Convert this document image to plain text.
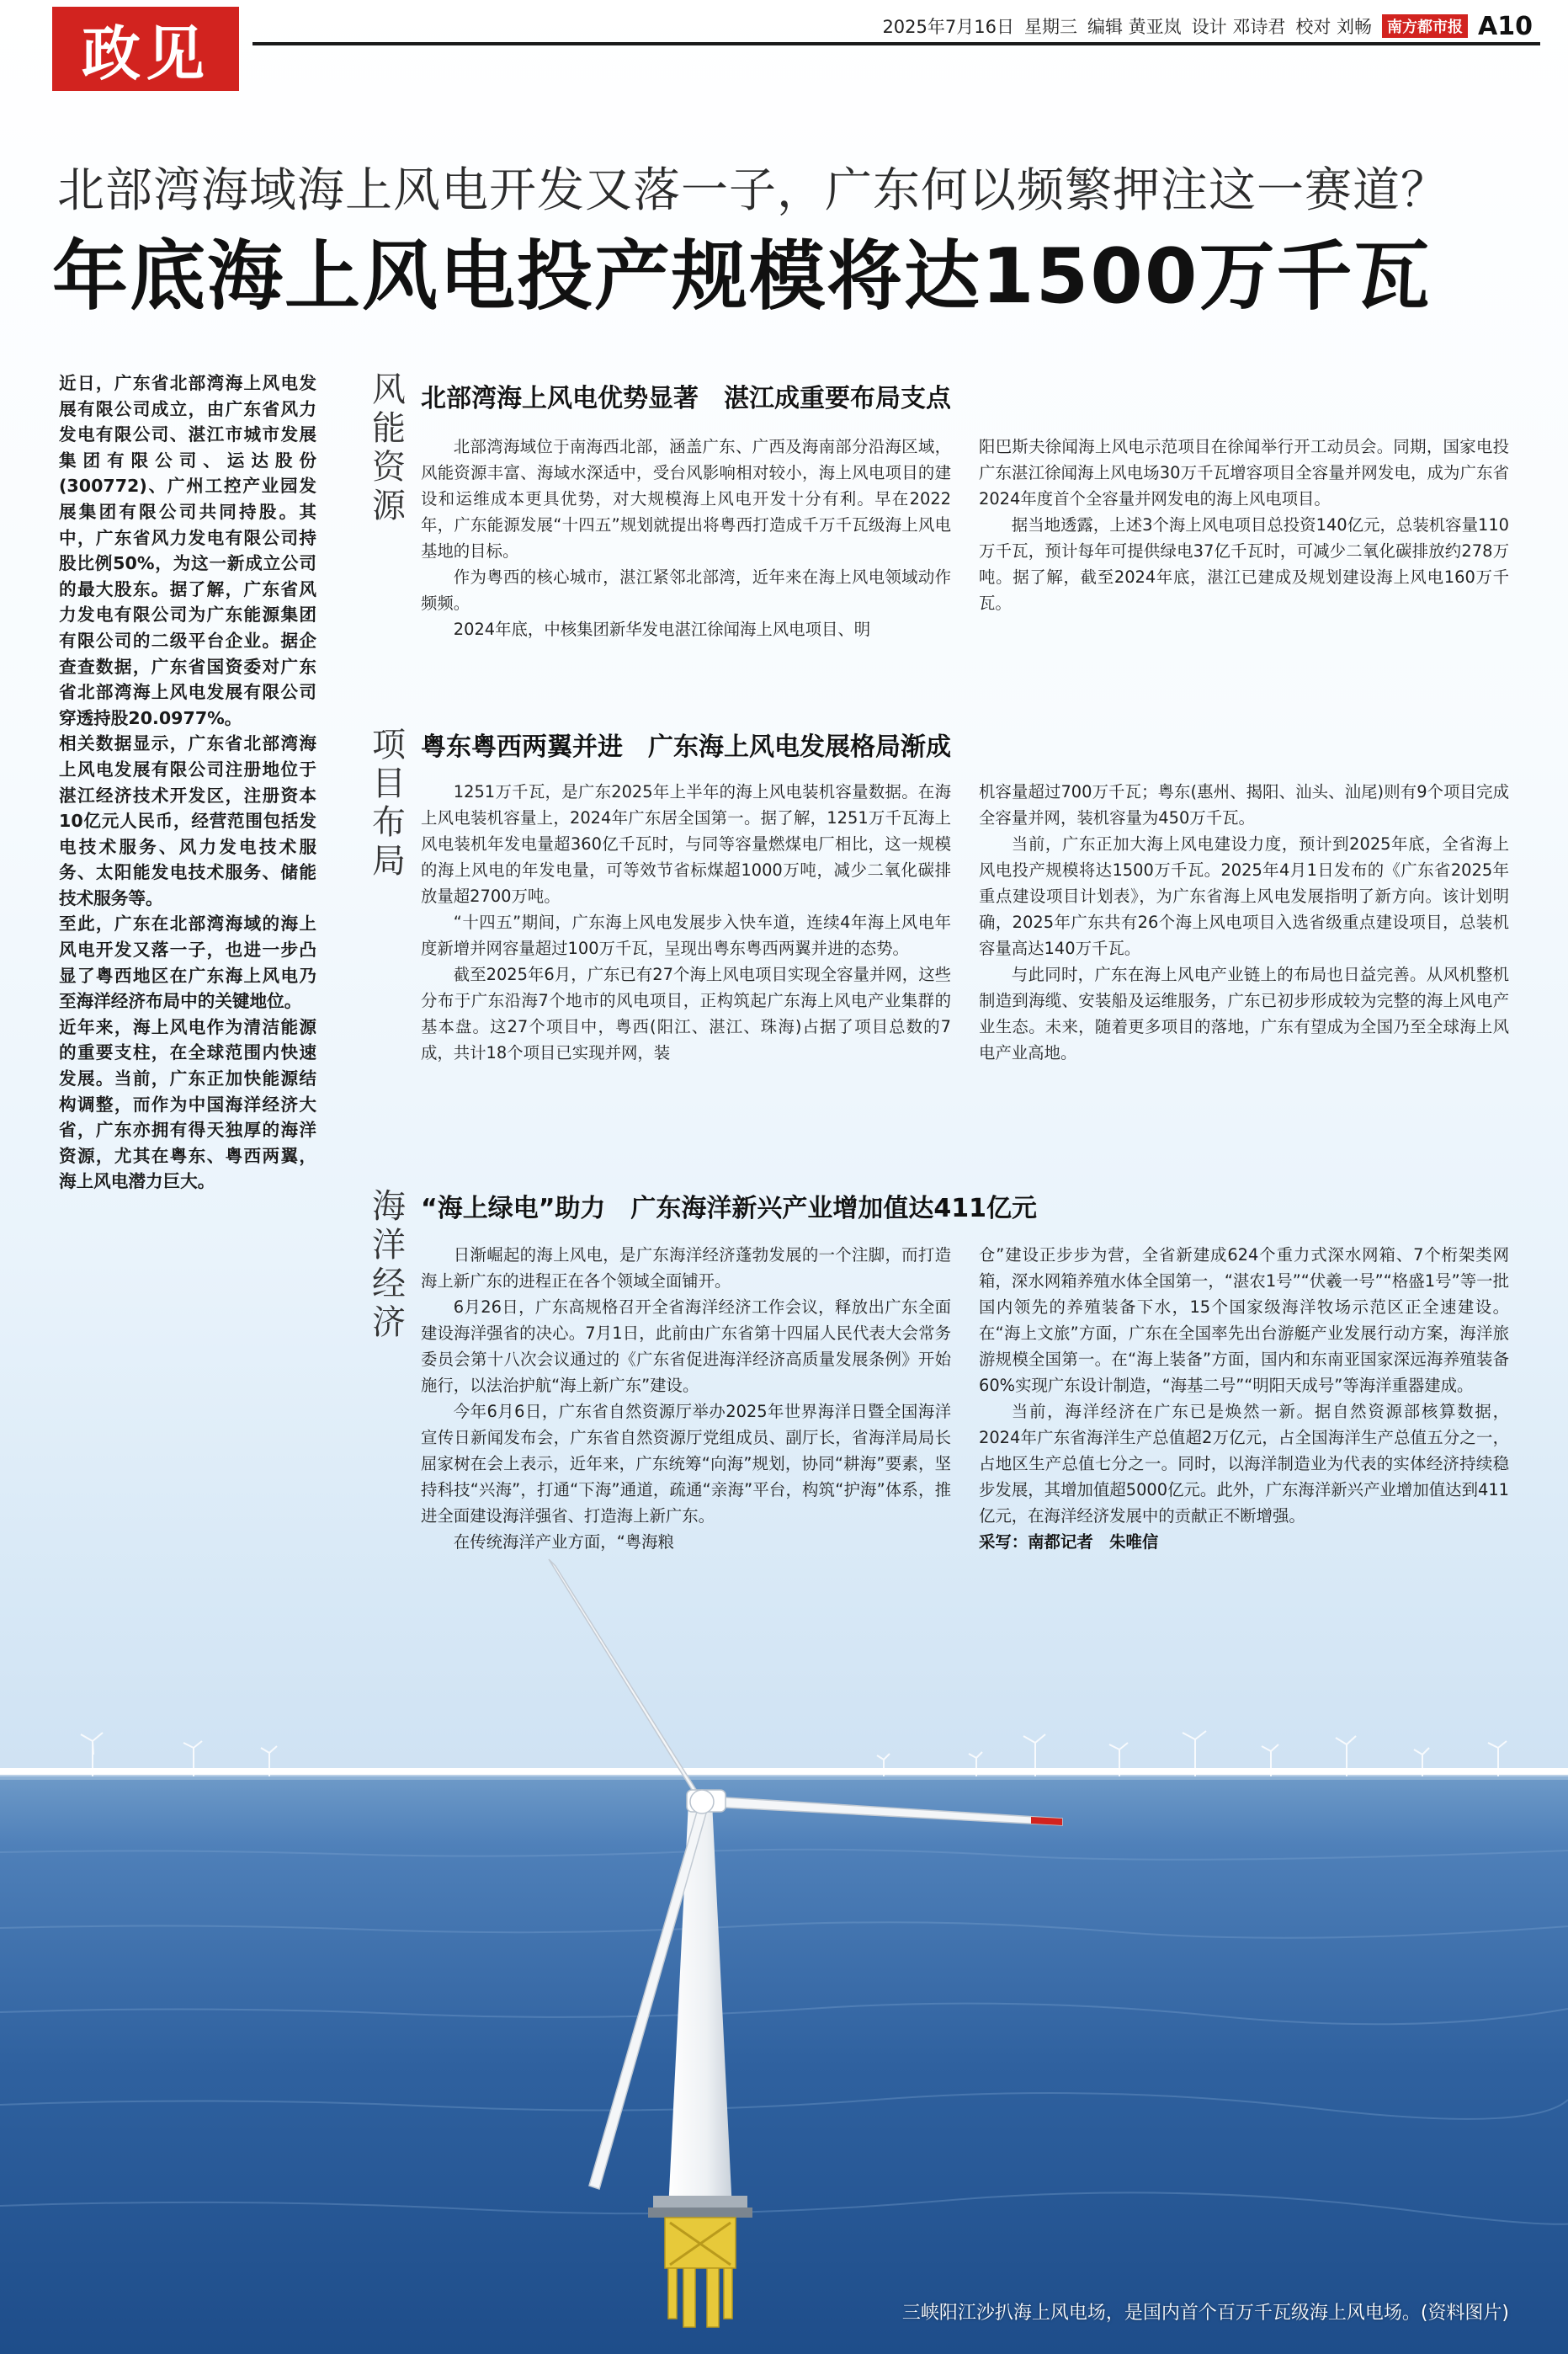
政见	2025年7月16日 星期三 编辑 黄亚岚 设计 邓诗君 校对 刘畅	南方都市报 A10
北部湾海域海上风电开发又落一子，广东何以频繁押注这一赛道？
年底海上风电投产规模将达1500万千瓦

近日，广东省北部湾海上风电发展有限公司成立，由广东省风力发电有限公司、湛江市城市发展集团有限公司、运达股份(300772)、广州工控产业园发展集团有限公司共同持股。其中，广东省风力发电有限公司持股比例50%，为这一新成立公司的最大股东。据了解，广东省风力发电有限公司为广东能源集团有限公司的二级平台企业。据企查查数据，广东省国资委对广东省北部湾海上风电发展有限公司穿透持股20.0977%。

相关数据显示，广东省北部湾海上风电发展有限公司注册地位于湛江经济技术开发区，注册资本10亿元人民币，经营范围包括发电技术服务、风力发电技术服务、太阳能发电技术服务、储能技术服务等。

至此，广东在北部湾海域的海上风电开发又落一子，也进一步凸显了粤西地区在广东海上风电乃至海洋经济布局中的关键地位。

近年来，海上风电作为清洁能源的重要支柱，在全球范围内快速发展。当前，广东正加快能源结构调整，而作为中国海洋经济大省，广东亦拥有得天独厚的海洋资源，尤其在粤东、粤西两翼，海上风电潜力巨大。

风
能
资
源
北部湾海上风电优势显著　湛江成重要布局支点

北部湾海域位于南海西北部，涵盖广东、广西及海南部分沿海区域，风能资源丰富、海域水深适中，受台风影响相对较小，海上风电项目的建设和运维成本更具优势，对大规模海上风电开发十分有利。早在2022年，广东能源发展“十四五”规划就提出将粤西打造成千万千瓦级海上风电基地的目标。

作为粤西的核心城市，湛江紧邻北部湾，近年来在海上风电领域动作频频。

2024年底，中核集团新华发电湛江徐闻海上风电项目、明

阳巴斯夫徐闻海上风电示范项目在徐闻举行开工动员会。同期，国家电投广东湛江徐闻海上风电场30万千瓦增容项目全容量并网发电，成为广东省2024年度首个全容量并网发电的海上风电项目。

据当地透露，上述3个海上风电项目总投资140亿元，总装机容量110万千瓦，预计每年可提供绿电37亿千瓦时，可减少二氧化碳排放约278万吨。据了解，截至2024年底，湛江已建成及规划建设海上风电160万千瓦。

项
目
布
局
粤东粤西两翼并进　广东海上风电发展格局渐成

1251万千瓦，是广东2025年上半年的海上风电装机容量数据。在海上风电装机容量上，2024年广东居全国第一。据了解，1251万千瓦海上风电装机年发电量超360亿千瓦时，与同等容量燃煤电厂相比，这一规模的海上风电的年发电量，可等效节省标煤超1000万吨，减少二氧化碳排放量超2700万吨。

“十四五”期间，广东海上风电发展步入快车道，连续4年海上风电年度新增并网容量超过100万千瓦，呈现出粤东粤西两翼并进的态势。

截至2025年6月，广东已有27个海上风电项目实现全容量并网，这些分布于广东沿海7个地市的风电项目，正构筑起广东海上风电产业集群的基本盘。这27个项目中，粤西(阳江、湛江、珠海)占据了项目总数的7成，共计18个项目已实现并网，装

机容量超过700万千瓦；粤东(惠州、揭阳、汕头、汕尾)则有9个项目完成全容量并网，装机容量为450万千瓦。

当前，广东正加大海上风电建设力度，预计到2025年底，全省海上风电投产规模将达1500万千瓦。2025年4月1日发布的《广东省2025年重点建设项目计划表》，为广东省海上风电发展指明了新方向。该计划明确，2025年广东共有26个海上风电项目入选省级重点建设项目，总装机容量高达140万千瓦。

与此同时，广东在海上风电产业链上的布局也日益完善。从风机整机制造到海缆、安装船及运维服务，广东已初步形成较为完整的海上风电产业生态。未来，随着更多项目的落地，广东有望成为全国乃至全球海上风电产业高地。

海
洋
经
济
“海上绿电”助力　广东海洋新兴产业增加值达411亿元

日渐崛起的海上风电，是广东海洋经济蓬勃发展的一个注脚，而打造海上新广东的进程正在各个领域全面铺开。

6月26日，广东高规格召开全省海洋经济工作会议，释放出广东全面建设海洋强省的决心。7月1日，此前由广东省第十四届人民代表大会常务委员会第十八次会议通过的《广东省促进海洋经济高质量发展条例》开始施行，以法治护航“海上新广东”建设。

今年6月6日，广东省自然资源厅举办2025年世界海洋日暨全国海洋宣传日新闻发布会，广东省自然资源厅党组成员、副厅长，省海洋局局长屈家树在会上表示，近年来，广东统筹“向海”规划，协同“耕海”要素，坚持科技“兴海”，打通“下海”通道，疏通“亲海”平台，构筑“护海”体系，推进全面建设海洋强省、打造海上新广东。

在传统海洋产业方面，“粤海粮

仓”建设正步步为营，全省新建成624个重力式深水网箱、7个桁架类网箱，深水网箱养殖水体全国第一，“湛农1号”“伏羲一号”“格盛1号”等一批国内领先的养殖装备下水，15个国家级海洋牧场示范区正全速建设。在“海上文旅”方面，广东在全国率先出台游艇产业发展行动方案，海洋旅游规模全国第一。在“海上装备”方面，国内和东南亚国家深远海养殖装备60%实现广东设计制造，“海基二号”“明阳天成号”等海洋重器建成。

当前，海洋经济在广东已是焕然一新。据自然资源部核算数据，2024年广东省海洋生产总值超2万亿元，占全国海洋生产总值五分之一，占地区生产总值七分之一。同时，以海洋制造业为代表的实体经济持续稳步发展，其增加值超5000亿元。此外，广东海洋新兴产业增加值达到411亿元，在海洋经济发展中的贡献正不断增强。

采写：南都记者　朱唯信

三峡阳江沙扒海上风电场，是国内首个百万千瓦级海上风电场。(资料图片)
